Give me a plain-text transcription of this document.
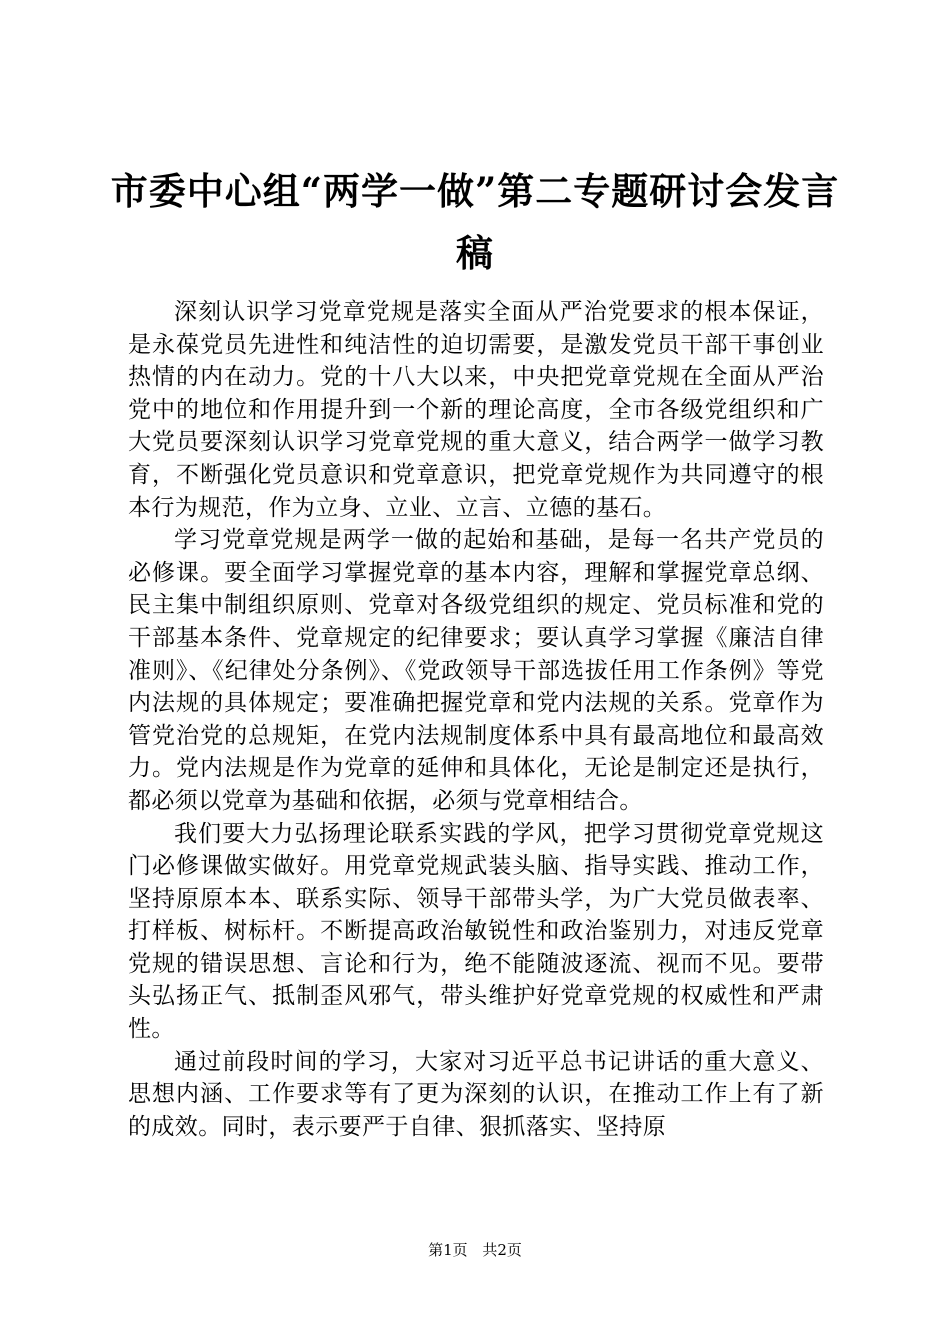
市委中心组“两学一做”第二专题研讨会发言稿

深刻认识学习党章党规是落实全面从严治党要求的根本保证，是永葆党员先进性和纯洁性的迫切需要，是激发党员干部干事创业热情的内在动力。党的十八大以来，中央把党章党规在全面从严治党中的地位和作用提升到一个新的理论高度，全市各级党组织和广大党员要深刻认识学习党章党规的重大意义，结合两学一做学习教育，不断强化党员意识和党章意识，把党章党规作为共同遵守的根本行为规范，作为立身、立业、立言、立德的基石。

学习党章党规是两学一做的起始和基础，是每一名共产党员的必修课。要全面学习掌握党章的基本内容，理解和掌握党章总纲、民主集中制组织原则、党章对各级党组织的规定、党员标准和党的干部基本条件、党章规定的纪律要求；要认真学习掌握《廉洁自律准则》、《纪律处分条例》、《党政领导干部选拔任用工作条例》等党内法规的具体规定；要准确把握党章和党内法规的关系。党章作为管党治党的总规矩，在党内法规制度体系中具有最高地位和最高效力。党内法规是作为党章的延伸和具体化，无论是制定还是执行，都必须以党章为基础和依据，必须与党章相结合。

我们要大力弘扬理论联系实践的学风，把学习贯彻党章党规这门必修课做实做好。用党章党规武装头脑、指导实践、推动工作，坚持原原本本、联系实际、领导干部带头学，为广大党员做表率、打样板、树标杆。不断提高政治敏锐性和政治鉴别力，对违反党章党规的错误思想、言论和行为，绝不能随波逐流、视而不见。要带头弘扬正气、抵制歪风邪气，带头维护好党章党规的权威性和严肃性。

通过前段时间的学习，大家对习近平总书记讲话的重大意义、思想内涵、工作要求等有了更为深刻的认识，在推动工作上有了新的成效。同时，表示要严于自律、狠抓落实、坚持原

第1页 共2页
